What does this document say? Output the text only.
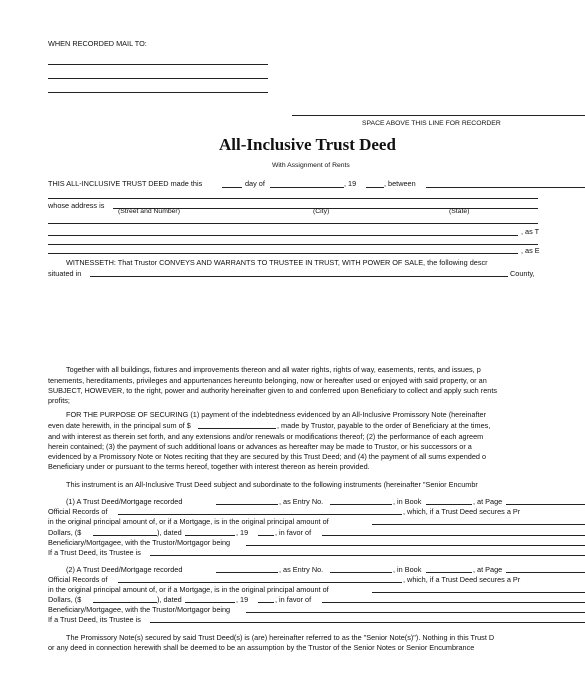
WHEN RECORDED MAIL TO:
SPACE ABOVE THIS LINE FOR RECORDER
All-Inclusive Trust Deed
With Assignment of Rents
THIS ALL-INCLUSIVE TRUST DEED made this	day of	, 19	, between
whose address is
(Street and Number)	(City)	(State)
, as T
, as E
WITNESSETH: That Trustor CONVEYS AND WARRANTS TO TRUSTEE IN TRUST, WITH POWER OF SALE, the following descr
situated in	County,
Together with all buildings, fixtures and improvements thereon and all water rights, rights of way, easements, rents, and issues, p
tenements, hereditaments, privileges and appurtenances hereunto belonging, now or hereafter used or enjoyed with said property, or an
SUBJECT, HOWEVER, to the right, power and authority hereinafter given to and conferred upon Beneficiary to collect and apply such rents
profits;
FOR THE PURPOSE OF SECURING (1) payment of the indebtedness evidenced by an All-Inclusive Promissory Note (hereinafter
even date herewith, in the principal sum of $	, made by Trustor, payable to the order of Beneficiary at the times,
and with interest as therein set forth, and any extensions and/or renewals or modifications thereof; (2) the performance of each agreem
herein contained; (3) the payment of such additional loans or advances as hereafter may be made to Trustor, or his successors or a
evidenced by a Promissory Note or Notes reciting that they are secured by this Trust Deed; and (4) the payment of all sums expended o
Beneficiary under or pursuant to the terms hereof, together with interest thereon as herein provided.
This instrument is an All-Inclusive Trust Deed subject and subordinate to the following instruments (hereinafter "Senior Encumbr
(1) A Trust Deed/Mortgage recorded	, as Entry No.	, in Book	, at Page
Official Records of	, which, if a Trust Deed secures a Pr
in the original principal amount of, or if a Mortgage, is in the original principal amount of
Dollars, ($	), dated	, 19	, in favor of
Beneficiary/Mortgagee, with the Trustor/Mortgagor being
If a Trust Deed, its Trustee is
(2) A Trust Deed/Mortgage recorded	, as Entry No.	, in Book	, at Page
Official Records of	, which, if a Trust Deed secures a Pr
in the original principal amount of, or if a Mortgage, is in the original principal amount of
Dollars, ($	), dated	, 19	, in favor of
Beneficiary/Mortgagee, with the Trustor/Mortgagor being
If a Trust Deed, its Trustee is
The Promissory Note(s) secured by said Trust Deed(s) is (are) hereinafter referred to as the "Senior Note(s)"). Nothing in this Trust D
or any deed in connection herewith shall be deemed to be an assumption by the Trustor of the Senior Notes or Senior Encumbrance
